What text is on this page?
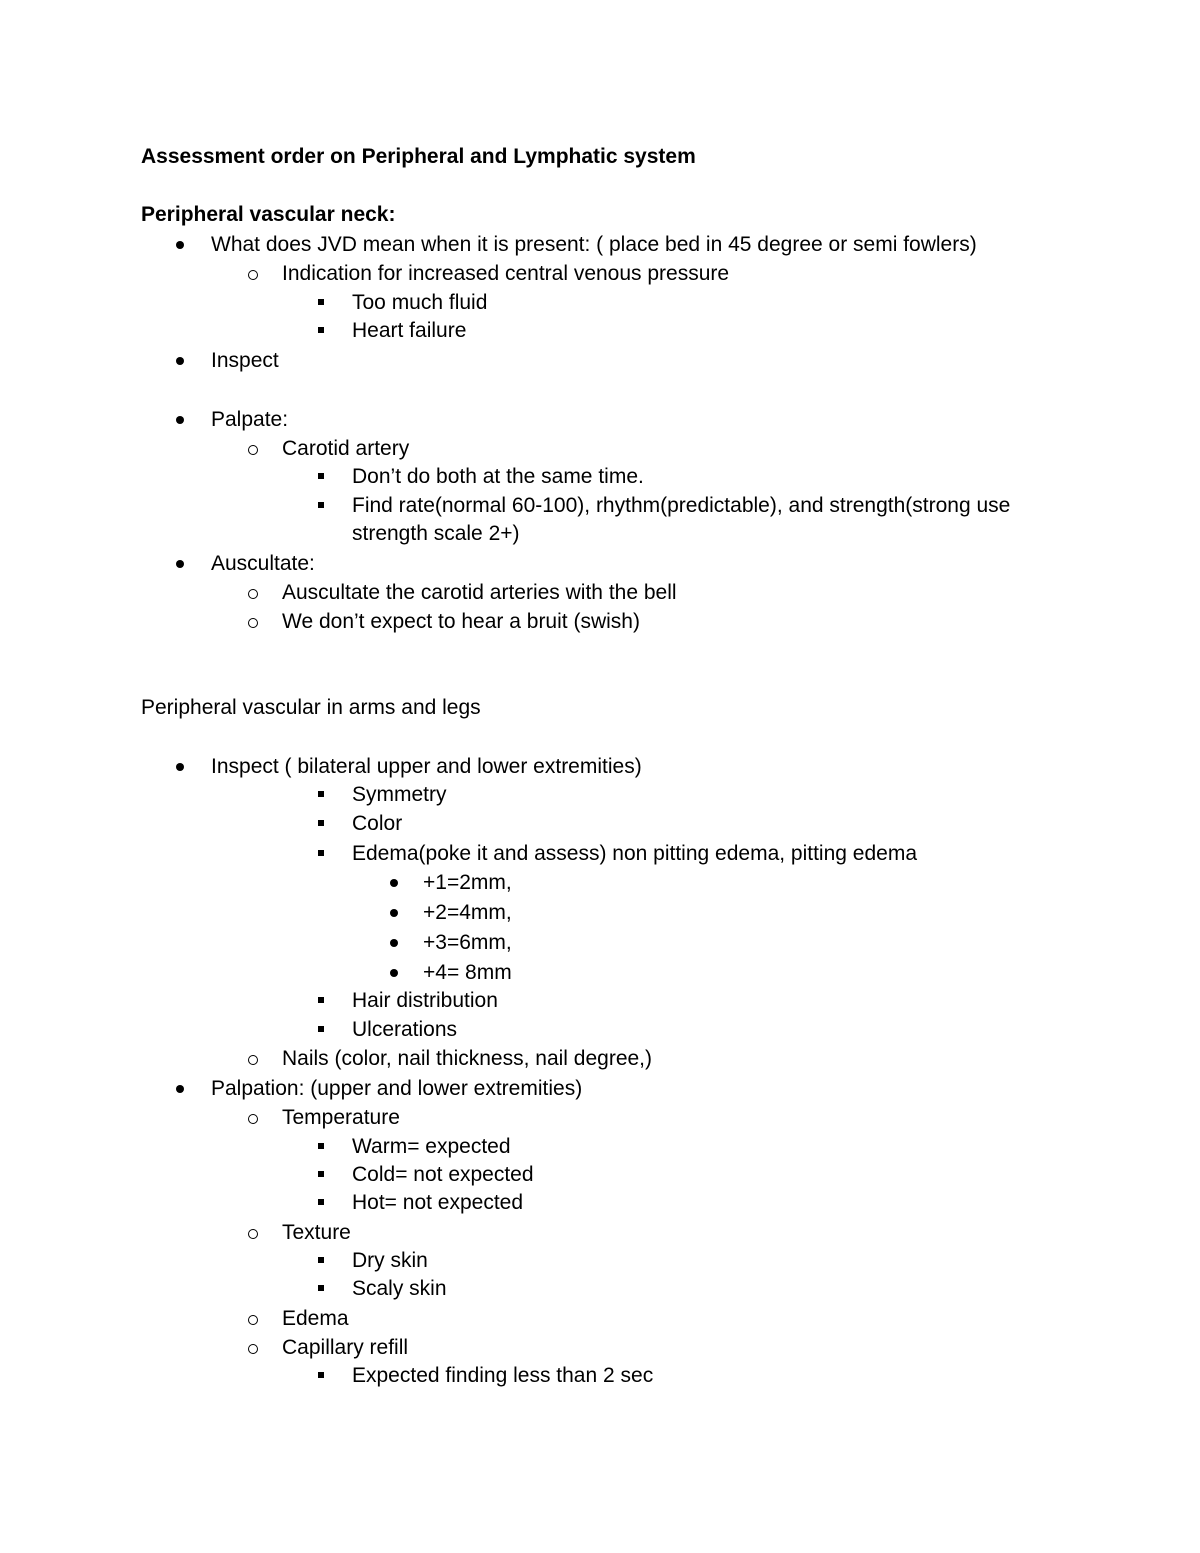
Assessment order on Peripheral and Lymphatic system
Peripheral vascular neck:
What does JVD mean when it is present: ( place bed in 45 degree or semi fowlers)
Indication for increased central venous pressure
Too much fluid
Heart failure
Inspect
Palpate:
Carotid artery
Don’t do both at the same time.
Find rate(normal 60-100), rhythm(predictable), and strength(strong use
strength scale 2+)
Auscultate:
Auscultate the carotid arteries with the bell
We don’t expect to hear a bruit (swish)
Peripheral vascular in arms and legs
Inspect ( bilateral upper and lower extremities)
Symmetry
Color
Edema(poke it and assess) non pitting edema, pitting edema
+1=2mm,
+2=4mm,
+3=6mm,
+4= 8mm
Hair distribution
Ulcerations
Nails (color, nail thickness, nail degree,)
Palpation: (upper and lower extremities)
Temperature
Warm= expected
Cold= not expected
Hot= not expected
Texture
Dry skin
Scaly skin
Edema
Capillary refill
Expected finding less than 2 sec
